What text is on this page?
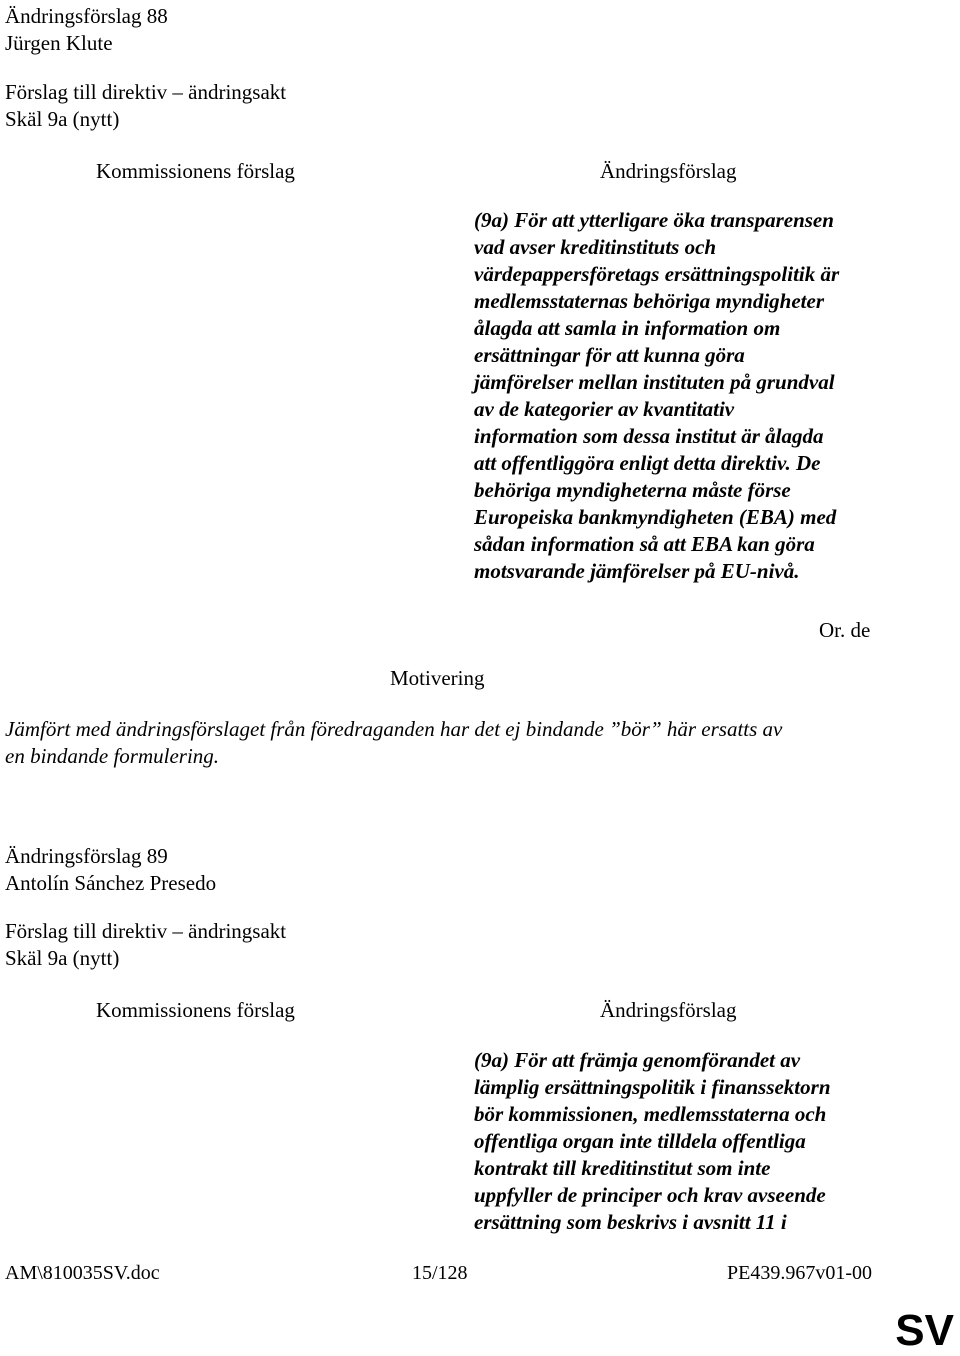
Ändringsförslag 88
Jürgen Klute
Förslag till direktiv – ändringsakt
Skäl 9a (nytt)
Kommissionens förslag	Ändringsförslag
(9a) För att ytterligare öka transparensen
vad avser kreditinstituts och
värdepappersföretags ersättningspolitik är
medlemsstaternas behöriga myndigheter
ålagda att samla in information om
ersättningar för att kunna göra
jämförelser mellan instituten på grundval
av de kategorier av kvantitativ
information som dessa institut är ålagda
att offentliggöra enligt detta direktiv. De
behöriga myndigheterna måste förse
Europeiska bankmyndigheten (EBA) med
sådan information så att EBA kan göra
motsvarande jämförelser på EU-nivå.
Or. de
Motivering
Jämfört med ändringsförslaget från föredraganden har det ej bindande ”bör” här ersatts av
en bindande formulering.
Ändringsförslag 89
Antolín Sánchez Presedo
Förslag till direktiv – ändringsakt
Skäl 9a (nytt)
Kommissionens förslag	Ändringsförslag
(9a) För att främja genomförandet av
lämplig ersättningspolitik i finanssektorn
bör kommissionen, medlemsstaterna och
offentliga organ inte tilldela offentliga
kontrakt till kreditinstitut som inte
uppfyller de principer och krav avseende
ersättning som beskrivs i avsnitt 11 i
AM\810035SV.doc	15/128	PE439.967v01-00
SV
